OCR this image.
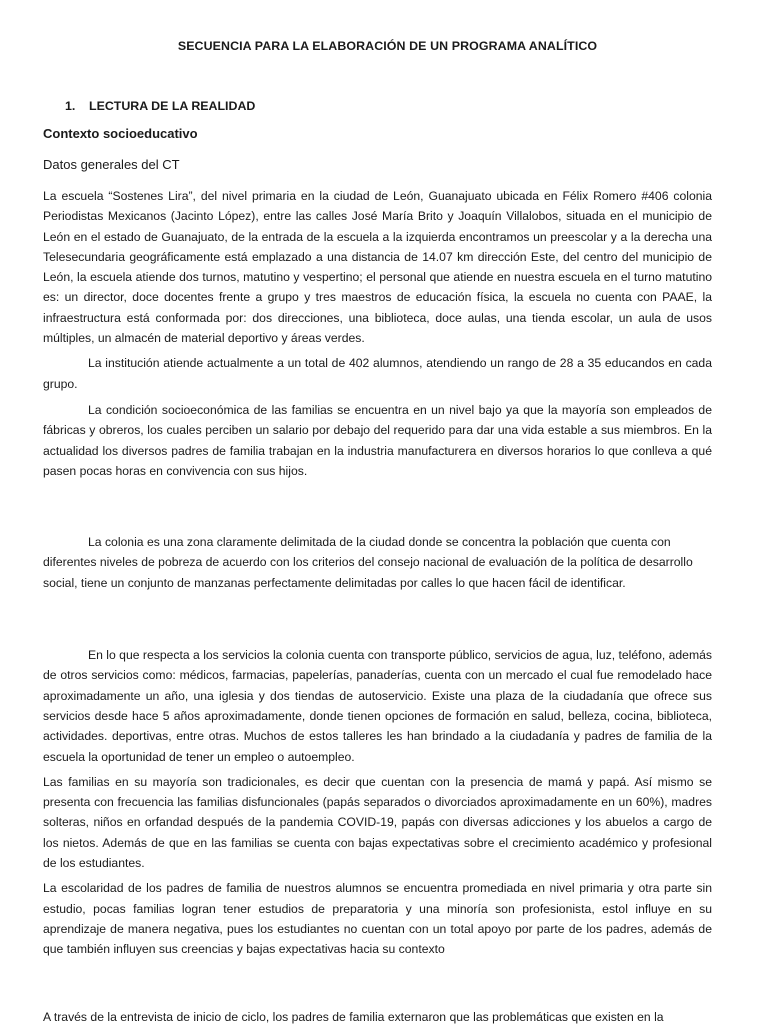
SECUENCIA PARA LA ELABORACIÓN DE UN PROGRAMA ANALÍTICO
1. LECTURA DE LA REALIDAD
Contexto socioeducativo
Datos generales del CT

La escuela “Sostenes Lira”, del nivel primaria en la ciudad de León, Guanajuato ubicada en Félix Romero #406 colonia Periodistas Mexicanos (Jacinto López), entre las calles José María Brito y Joaquín Villalobos, situada en el municipio de León en el estado de Guanajuato, de la entrada de la escuela a la izquierda encontramos un preescolar y a la derecha una Telesecundaria geográficamente está emplazado a una distancia de 14.07 km dirección Este, del centro del municipio de León, la escuela atiende dos turnos, matutino y vespertino; el personal que atiende en nuestra escuela en el turno matutino es: un director, doce docentes frente a grupo y tres maestros de educación física, la escuela no cuenta con PAAE, la infraestructura está conformada por: dos direcciones, una biblioteca, doce aulas, una tienda escolar, un aula de usos múltiples, un almacén de material deportivo y áreas verdes.

La institución atiende actualmente a un total de 402 alumnos, atendiendo un rango de 28 a 35 educandos en cada grupo.

La condición socioeconómica de las familias se encuentra en un nivel bajo ya que la mayoría son empleados de fábricas y obreros, los cuales perciben un salario por debajo del requerido para dar una vida estable a sus miembros. En la actualidad los diversos padres de familia trabajan en la industria manufacturera en diversos horarios lo que conlleva a qué pasen pocas horas en convivencia con sus hijos.

La colonia es una zona claramente delimitada de la ciudad donde se concentra la población que cuenta con diferentes niveles de pobreza de acuerdo con los criterios del consejo nacional de evaluación de la política de desarrollo social, tiene un conjunto de manzanas perfectamente delimitadas por calles lo que hacen fácil de identificar.

En lo que respecta a los servicios la colonia cuenta con transporte público, servicios de agua, luz, teléfono, además de otros servicios como: médicos, farmacias, papelerías, panaderías, cuenta con un mercado el cual fue remodelado hace aproximadamente un año, una iglesia y dos tiendas de autoservicio. Existe una plaza de la ciudadanía que ofrece sus servicios desde hace 5 años aproximadamente, donde tienen opciones de formación en salud, belleza, cocina, biblioteca, actividades. deportivas, entre otras. Muchos de estos talleres les han brindado a la ciudadanía y padres de familia de la escuela la oportunidad de tener un empleo o autoempleo.

Las familias en su mayoría son tradicionales, es decir que cuentan con la presencia de mamá y papá. Así mismo se presenta con frecuencia las familias disfuncionales (papás separados o divorciados aproximadamente en un 60%), madres solteras, niños en orfandad después de la pandemia COVID-19, papás con diversas adicciones y los abuelos a cargo de los nietos. Además de que en las familias se cuenta con bajas expectativas sobre el crecimiento académico y profesional de los estudiantes.

La escolaridad de los padres de familia de nuestros alumnos se encuentra promediada en nivel primaria y otra parte sin estudio, pocas familias logran tener estudios de preparatoria y una minoría son profesionista, estol influye en su aprendizaje de manera negativa, pues los estudiantes no cuentan con un total apoyo por parte de los padres, además de que también influyen sus creencias y bajas expectativas hacia su contexto

A través de la entrevista de inicio de ciclo, los padres de familia externaron que las problemáticas que existen en la
